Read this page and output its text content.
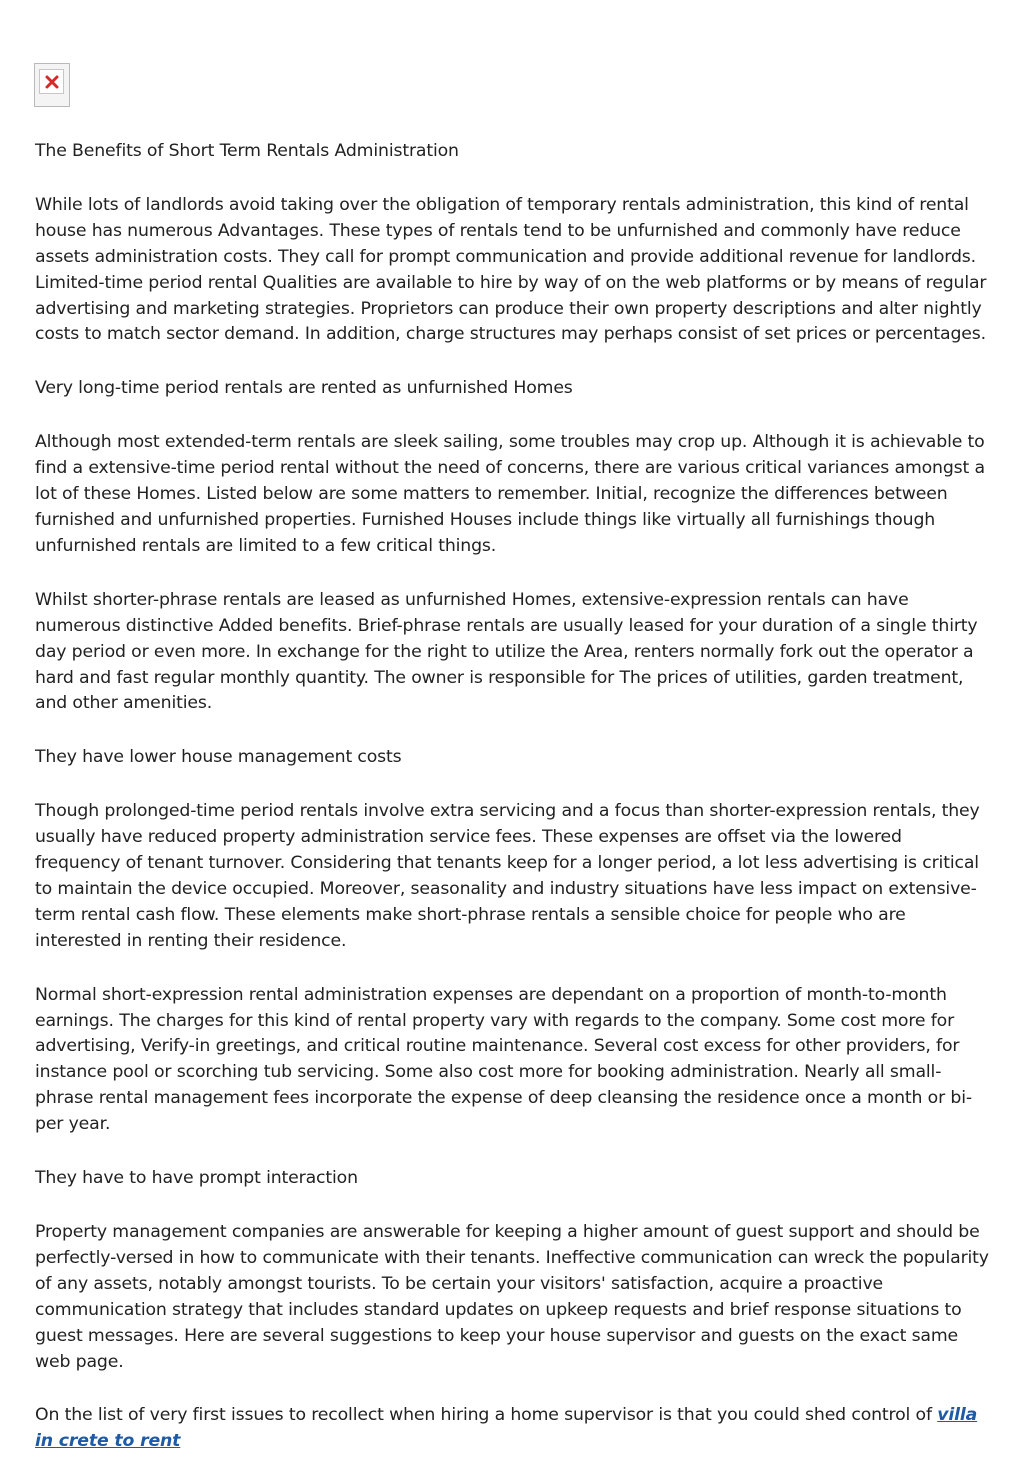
The Benefits of Short Term Rentals Administration

While lots of landlords avoid taking over the obligation of temporary rentals administration, this kind of rental house has numerous Advantages. These types of rentals tend to be unfurnished and commonly have reduce assets administration costs. They call for prompt communication and provide additional revenue for landlords. Limited-time period rental Qualities are available to hire by way of on the web platforms or by means of regular advertising and marketing strategies. Proprietors can produce their own property descriptions and alter nightly costs to match sector demand. In addition, charge structures may perhaps consist of set prices or percentages.

Very long-time period rentals are rented as unfurnished Homes

Although most extended-term rentals are sleek sailing, some troubles may crop up. Although it is achievable to find a extensive-time period rental without the need of concerns, there are various critical variances amongst a lot of these Homes. Listed below are some matters to remember. Initial, recognize the differences between furnished and unfurnished properties. Furnished Houses include things like virtually all furnishings though unfurnished rentals are limited to a few critical things.

Whilst shorter-phrase rentals are leased as unfurnished Homes, extensive-expression rentals can have numerous distinctive Added benefits. Brief-phrase rentals are usually leased for your duration of a single thirty day period or even more. In exchange for the right to utilize the Area, renters normally fork out the operator a hard and fast regular monthly quantity. The owner is responsible for The prices of utilities, garden treatment, and other amenities.

They have lower house management costs

Though prolonged-time period rentals involve extra servicing and a focus than shorter-expression rentals, they usually have reduced property administration service fees. These expenses are offset via the lowered frequency of tenant turnover. Considering that tenants keep for a longer period, a lot less advertising is critical to maintain the device occupied. Moreover, seasonality and industry situations have less impact on extensive-term rental cash flow. These elements make short-phrase rentals a sensible choice for people who are interested in renting their residence.

Normal short-expression rental administration expenses are dependant on a proportion of month-to-month earnings. The charges for this kind of rental property vary with regards to the company. Some cost more for advertising, Verify-in greetings, and critical routine maintenance. Several cost excess for other providers, for instance pool or scorching tub servicing. Some also cost more for booking administration. Nearly all small-phrase rental management fees incorporate the expense of deep cleansing the residence once a month or bi-per year.

They have to have prompt interaction

Property management companies are answerable for keeping a higher amount of guest support and should be perfectly-versed in how to communicate with their tenants. Ineffective communication can wreck the popularity of any assets, notably amongst tourists. To be certain your visitors' satisfaction, acquire a proactive communication strategy that includes standard updates on upkeep requests and brief response situations to guest messages. Here are several suggestions to keep your house supervisor and guests on the exact same web page.

On the list of very first issues to recollect when hiring a home supervisor is that you could shed control of villa in crete to rent
